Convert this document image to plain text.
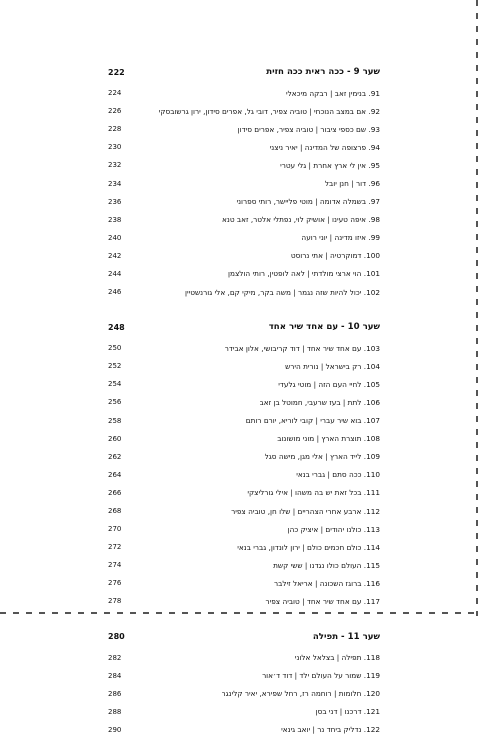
שער 9 - ככה ראית ככה חזית
222
91. בנימין זאב | רבקה מיכאלי
224
92. אם במצב הנוכחי | טוביה צפיר, דובי גל, אפרים סידון, ירון גרשובסקי
226
93. שם כספי ציבור | טוביה צפיר, אפרים סידון
228
94. פרצופה של המדינה | יאיר ניצני
230
95. אין לי ארץ אחרת | גלי עטרי
232
96. דור | חנן יובל
234
97. בשמלה אדומה | מוטי פליישר, רותי ספרוני
236
98. איפה טעינו | אושיק לוי, נפתלי אלטר, זאב טנא
238
99. איזו מדינה | יוני רועה
240
100. דמוקרטיה | אתי נרוסט
242
101. הוי ארצי מולדתי | לאה לופטין, רותי הולצמן
244
102. יכול להיות שזה נגמר | משה בקר, מיקי קם, אלי גורנשטיין
246
שער 10 - עם אחד שיר אחד
248
103. עם אחד שיר אחד | דוד קריבושי, אלון אבידר
250
104. רק בישראל | נורית הירש
252
105. לחיי העם הזה | מוטי גלעדי
254
106. לתת | בעז שרעבי, חמוטל בן זאב
256
107. בוא שיר עברי | קובי לוריא, יורם רותם
258
108. תוצרת הארץ | מוני מושונוב
260
109. לייד הארץ | אלי מגן, מישה סגל
262
110. ככה סתם | גברי בנאי
264
111. בכל זאת יש בה משהו | אילי גורליצקי
266
112. ארבע אחרי הצהריים | שלו חן, טוביה צפיר
268
113. כולנו יהודים | איציק כהן
270
114. כולם חכמים כולם | ירון לונדון, גברי בנאי
272
115. העולם כולו נגדנו | ששי קשת
274
116. ברוגז השכונה | אריאל זילבר
276
117. עם אחד שיר אחד | טוביה צפיר
278
שער 11 - תפילה
280
118. תפילה | בצלאל אלוני
282
119. שמור על העולם ילד | דוד ד׳אור
284
120. חלומות | רוחמה רז, רחל שפירא, יאיר קלינגר
286
121. דרכנו | דני בסן
288
122. נדליק ביחד נר | יואב גינאי
290
